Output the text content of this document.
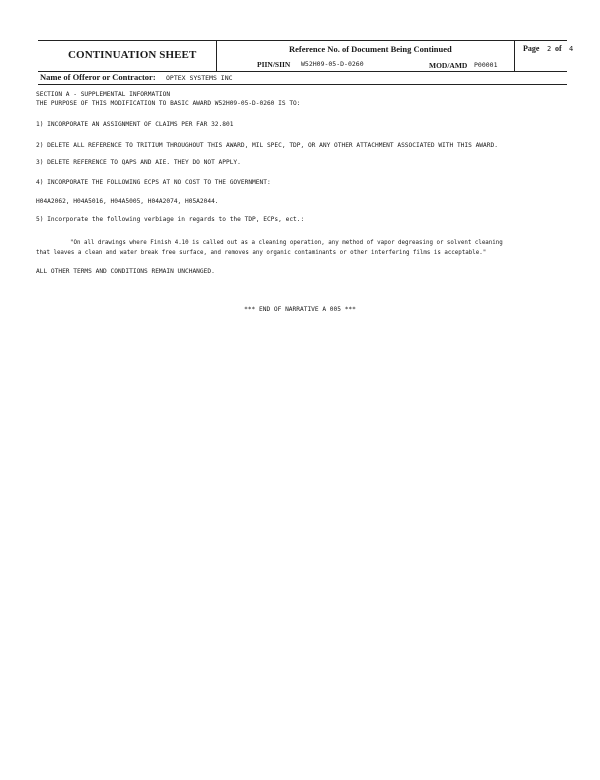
CONTINUATION SHEET	Reference No. of Document Being Continued
PIIN/SIIN W52H09-05-D-0260	MOD/AMD P00001
Page 2 of 4
Name of Offeror or Contractor: OPTEX SYSTEMS INC
SECTION A - SUPPLEMENTAL INFORMATION
THE PURPOSE OF THIS MODIFICATION TO BASIC AWARD W52H09-05-D-0260 IS TO:
1) INCORPORATE AN ASSIGNMENT OF CLAIMS PER FAR 32.801
2) DELETE ALL REFERENCE TO TRITIUM THROUGHOUT THIS AWARD, MIL SPEC, TDP, OR ANY OTHER ATTACHMENT ASSOCIATED WITH THIS AWARD.
3) DELETE REFERENCE TO QAPS AND AIE. THEY DO NOT APPLY.
4) INCORPORATE THE FOLLOWING ECPS AT NO COST TO THE GOVERNMENT:
H04A2062, H04A5016, H04A5005, H04A2074, H05A2044.
5) Incorporate the following verbiage in regards to the TDP, ECPs, ect.:
"On all drawings where Finish 4.10 is called out as a cleaning operation, any method of vapor degreasing or solvent cleaning
that leaves a clean and water break free surface, and removes any organic contaminants or other interfering films is acceptable."
ALL OTHER TERMS AND CONDITIONS REMAIN UNCHANGED.
*** END OF NARRATIVE A 005 ***
